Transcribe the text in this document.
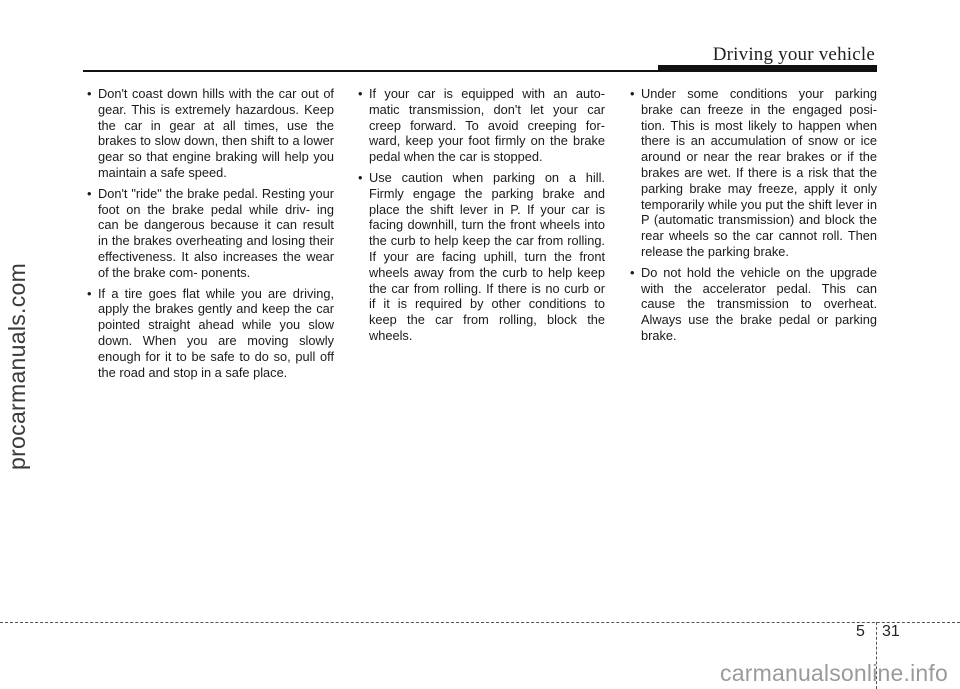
Driving your vehicle
procarmanuals.com
• Don't coast down hills with the car out of gear. This is extremely hazardous. Keep the car in gear at all times, use the brakes to slow down, then shift to a lower gear so that engine braking will help you maintain a safe speed.
• Don't "ride" the brake pedal. Resting your foot on the brake pedal while driv- ing can be dangerous because it can result in the brakes overheating and losing their effectiveness. It also increases the wear of the brake com- ponents.
• If a tire goes flat while you are driving, apply the brakes gently and keep the car pointed straight ahead while you slow down. When you are moving slowly enough for it to be safe to do so, pull off the road and stop in a safe place.
• If your car is equipped with an auto- matic transmission, don't let your car creep forward. To avoid creeping for- ward, keep your foot firmly on the brake pedal when the car is stopped.
• Use caution when parking on a hill. Firmly engage the parking brake and place the shift lever in P. If your car is facing downhill, turn the front wheels into the curb to help keep the car from rolling. If your are facing uphill, turn the front wheels away from the curb to help keep the car from rolling. If there is no curb or if it is required by other conditions to keep the car from rolling, block the wheels.
• Under some conditions your parking brake can freeze in the engaged posi- tion. This is most likely to happen when there is an accumulation of snow or ice around or near the rear brakes or if the brakes are wet. If there is a risk that the parking brake may freeze, apply it only temporarily while you put the shift lever in P (automatic transmission) and block the rear wheels so the car cannot roll. Then release the parking brake.
• Do not hold the vehicle on the upgrade with the accelerator pedal. This can cause the transmission to overheat. Always use the brake pedal or parking brake.
5 31
carmanualsonline.info
